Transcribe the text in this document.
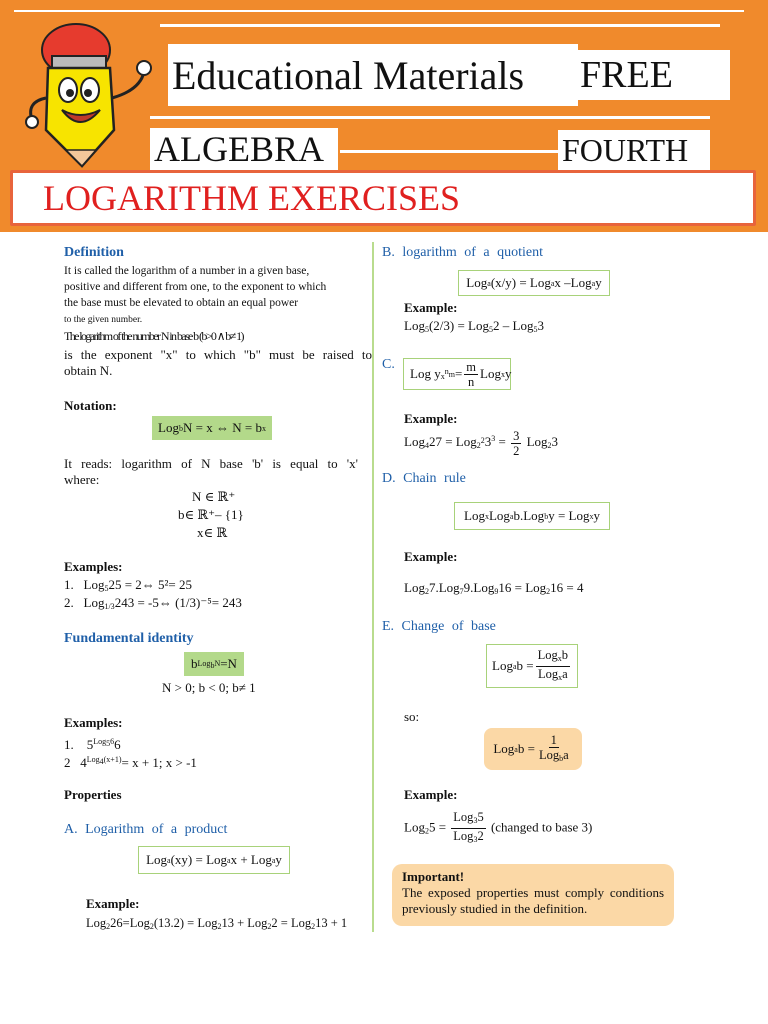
Educational Materials	FREE
ALGEBRA	FOURTH
LOGARITHM EXERCISES
Definition
It is called the logarithm of a number in a given base,
positive and different from one, to the exponent to which
the base must be elevated to obtain an equal power
to the given number.
The logarithm of the number N in base b (b>0 ∧ b≠ 1)
is the exponent "x" to which "b" must be raised to
obtain N.
Notation:
Log b N = x ⇔ N = b x
It reads: logarithm of N base 'b' is equal to 'x'
where:
N ∈ ℝ⁺
b∈ ℝ⁺– {1}
x∈ ℝ
Examples:
1.   Log$_5$25 = 2⇔ 5²= 25
2.   Log$_{1/3}$243 = -5⇔ (1/3)⁻⁵= 243
Fundamental identity
b Log$_b$N =N
N > 0; b < 0; b≠ 1
Examples:
1.    $5^{Log_56}6$
2   $4^{Log_4(x+1)}= x + 1$; x > -1
Properties
A. Logarithm of a product
Log a (xy) = Log a x + Log a y
Example:
Log$_2$26=Log$_2$(13.2) = Log$_2$13 + Log$_2$2 = Log$_2$13 + 1
B. logarithm of a quotient
Log a (x/y) = Log a x –Log a y
Example:
Log$_5$(2/3) = Log$_5$2 – Log$_5$3
C.
Log y $x^n$ $m = \frac{m}{n}$ Log x y
Example:
$Log_427 = Log_{2^2}3^3 = \frac{3}{2} Log_23$
D. Chain rule
Log x Log a b.Log b y = Log x y
Example:
Log$_2$7.Log$_7$9.Log$_9$16 = Log$_2$16 = 4
E. Change of base
Log a $b = \frac{Log_xb}{Log_xa}$
so:
Log a $b = \frac{1}{Log_ba}$
Example:
$Log_25 = \frac{Log_35}{Log_32}$ (changed to base 3)
Important!
The exposed properties must comply conditions previously studied in the definition.
